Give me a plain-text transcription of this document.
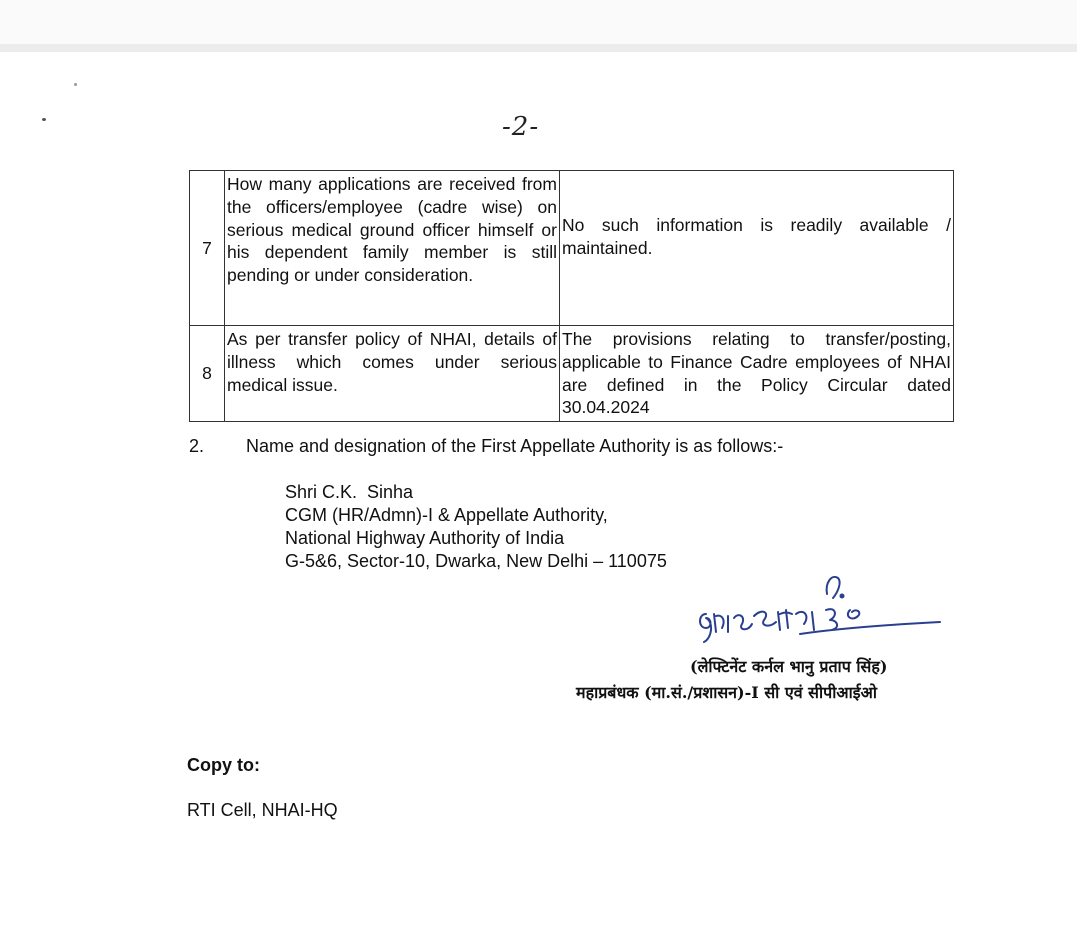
-2-
7	How many applications are received from the officers/employee (cadre wise) on serious medical ground officer himself or his dependent family member is still pending or under consideration.	No such information is readily available / maintained.
8	As per transfer policy of NHAI, details of illness which comes under serious medical issue.	The provisions relating to transfer/posting, applicable to Finance Cadre employees of NHAI are defined in the Policy Circular dated 30.04.2024
2. Name and designation of the First Appellate Authority is as follows:-
Shri C.K.  Sinha
CGM (HR/Admn)-I & Appellate Authority,
National Highway Authority of India
G-5&6, Sector-10, Dwarka, New Delhi – 110075
(लेफ्टिनेंट कर्नल भानु प्रताप सिंह)
महाप्रबंधक (मा.सं./प्रशासन)-I सी एवं सीपीआईओ
Copy to:
RTI Cell, NHAI-HQ
